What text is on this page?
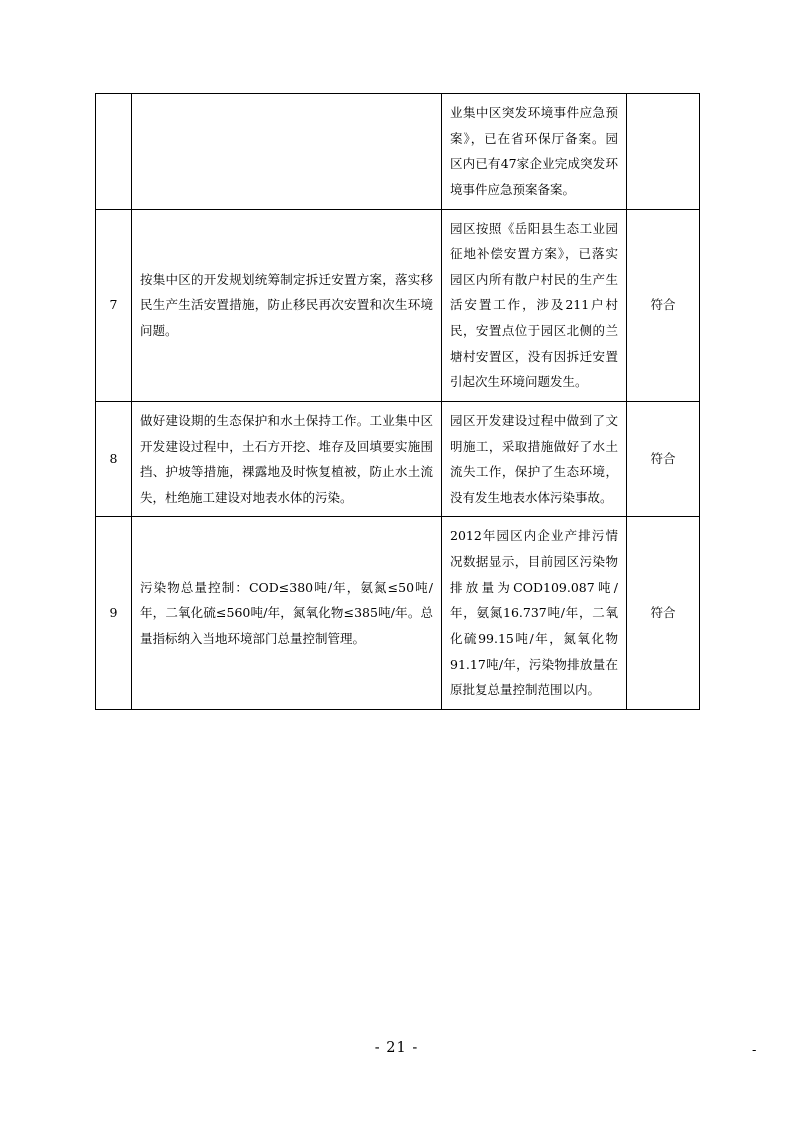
		业集中区突发环境事件应急预案》，已在省环保厅备案。园区内已有47家企业完成突发环境事件应急预案备案。	
7	按集中区的开发规划统筹制定拆迁安置方案，落实移民生产生活安置措施，防止移民再次安置和次生环境问题。	园区按照《岳阳县生态工业园征地补偿安置方案》，已落实园区内所有散户村民的生产生活安置工作，涉及211户村民，安置点位于园区北侧的兰塘村安置区，没有因拆迁安置引起次生环境问题发生。	符合
8	做好建设期的生态保护和水土保持工作。工业集中区开发建设过程中，土石方开挖、堆存及回填要实施围挡、护坡等措施，裸露地及时恢复植被，防止水土流失，杜绝施工建设对地表水体的污染。	园区开发建设过程中做到了文明施工，采取措施做好了水土流失工作，保护了生态环境，没有发生地表水体污染事故。	符合
9	污染物总量控制：COD≤380吨/年，氨氮≤50吨/年，二氧化硫≤560吨/年，氮氧化物≤385吨/年。总量指标纳入当地环境部门总量控制管理。	2012年园区内企业产排污情况数据显示，目前园区污染物排放量为COD109.087吨/年，氨氮16.737吨/年，二氧化硫99.15吨/年，氮氧化物91.17吨/年，污染物排放量在原批复总量控制范围以内。	符合
- 21 -	-
